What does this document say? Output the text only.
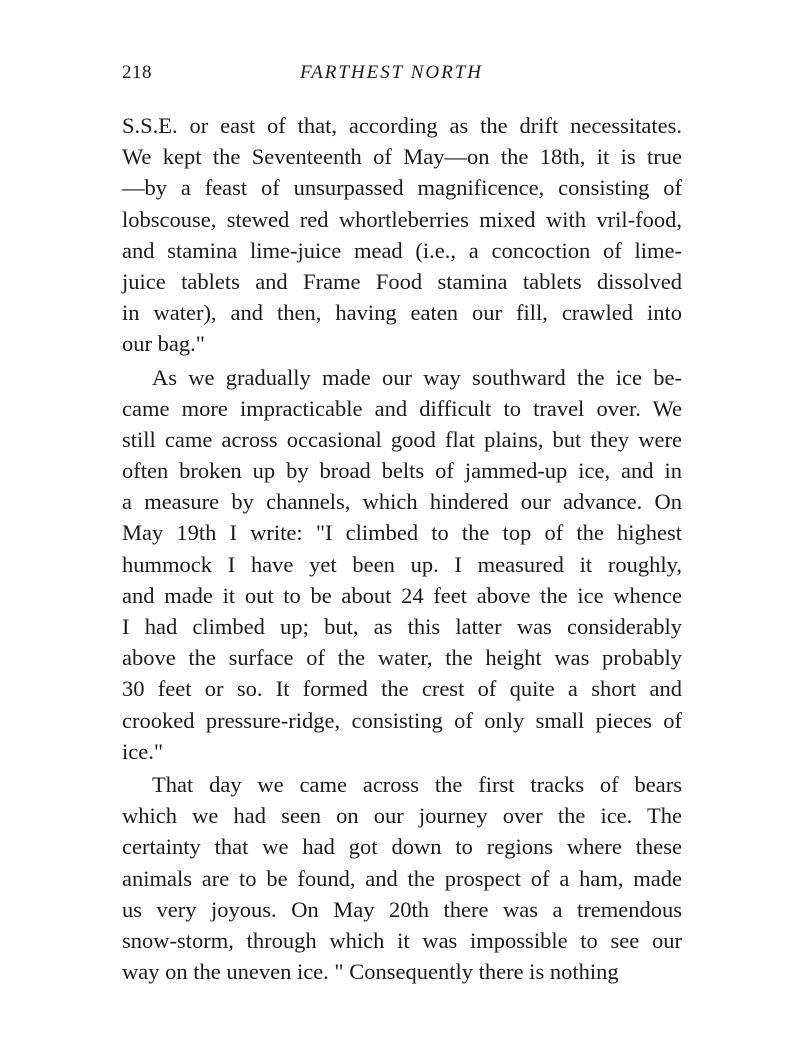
218	FARTHEST NORTH
S.S.E. or east of that, according as the drift necessitates.
We kept the Seventeenth of May—on the 18th, it is true
—by a feast of unsurpassed magnificence, consisting of
lobscouse, stewed red whortleberries mixed with vril-food,
and stamina lime-juice mead (i.e., a concoction of lime-
juice tablets and Frame Food stamina tablets dissolved
in water), and then, having eaten our fill, crawled into
our bag."
As we gradually made our way southward the ice be-
came more impracticable and difficult to travel over. We
still came across occasional good flat plains, but they were
often broken up by broad belts of jammed-up ice, and in
a measure by channels, which hindered our advance. On
May 19th I write: "I climbed to the top of the highest
hummock I have yet been up. I measured it roughly,
and made it out to be about 24 feet above the ice whence
I had climbed up; but, as this latter was considerably
above the surface of the water, the height was probably
30 feet or so. It formed the crest of quite a short and
crooked pressure-ridge, consisting of only small pieces of
ice."
That day we came across the first tracks of bears
which we had seen on our journey over the ice. The
certainty that we had got down to regions where these
animals are to be found, and the prospect of a ham, made
us very joyous. On May 20th there was a tremendous
snow-storm, through which it was impossible to see our
way on the uneven ice. " Consequently there is nothing
